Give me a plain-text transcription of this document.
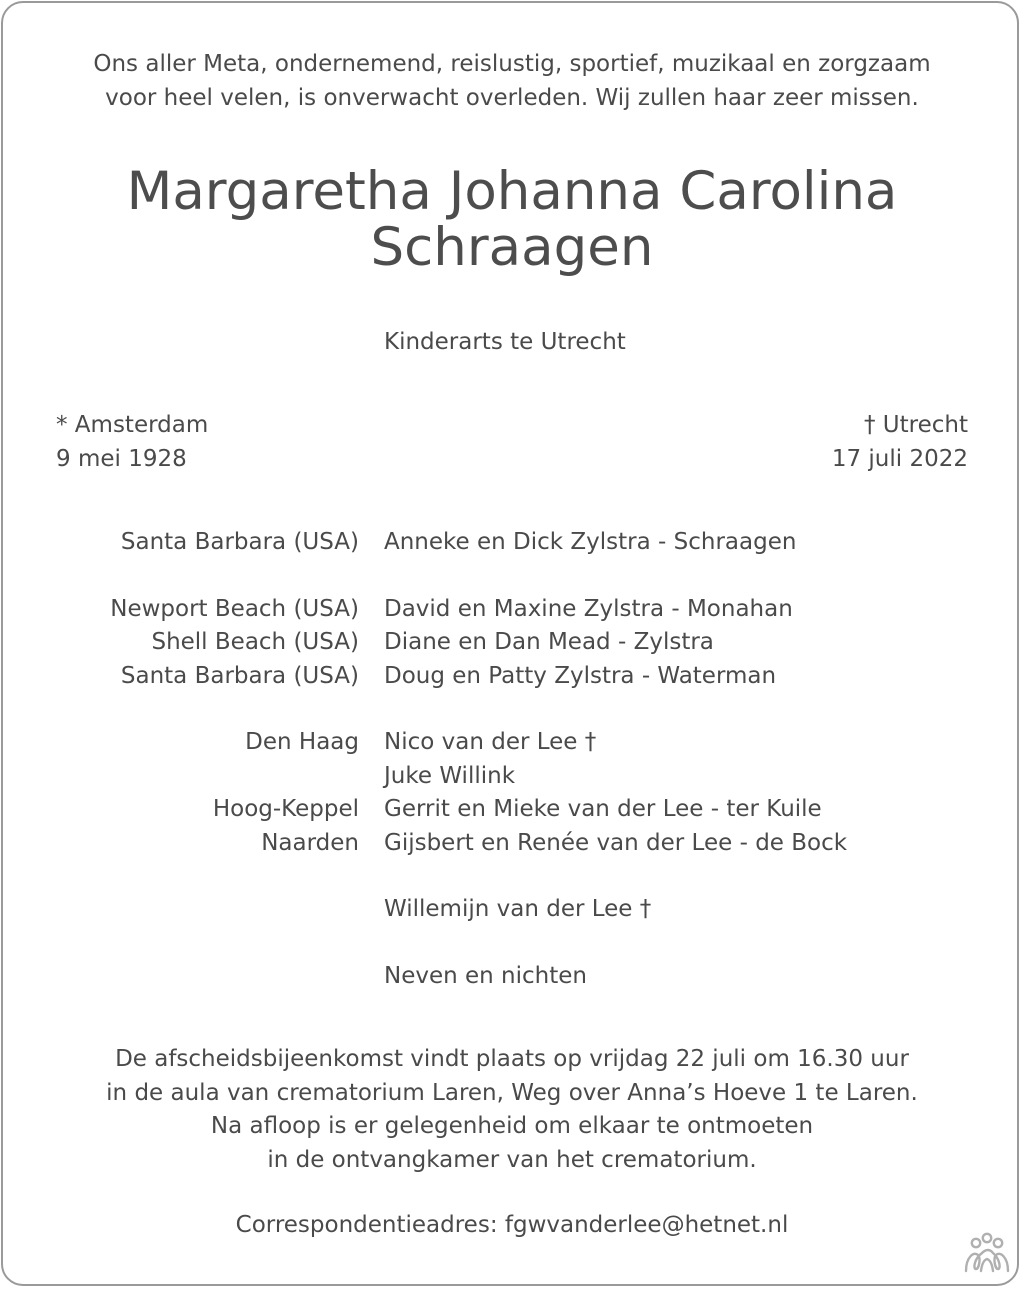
Ons aller Meta, ondernemend, reislustig, sportief, muzikaal en zorgzaam
voor heel velen, is onverwacht overleden. Wij zullen haar zeer missen.
Margaretha Johanna Carolina
Schraagen
Kinderarts te Utrecht
* Amsterdam
9 mei 1928
† Utrecht
17 juli 2022
Santa Barbara (USA) Anneke en Dick Zylstra - Schraagen
Newport Beach (USA) David en Maxine Zylstra - Monahan
Shell Beach (USA) Diane en Dan Mead - Zylstra
Santa Barbara (USA) Doug en Patty Zylstra - Waterman
Den Haag Nico van der Lee †
Juke Willink
Hoog-Keppel Gerrit en Mieke van der Lee - ter Kuile
Naarden Gijsbert en Renée van der Lee - de Bock
Willemijn van der Lee †
Neven en nichten
De afscheidsbijeenkomst vindt plaats op vrijdag 22 juli om 16.30 uur
in de aula van crematorium Laren, Weg over Anna’s Hoeve 1 te Laren.
Na afloop is er gelegenheid om elkaar te ontmoeten
in de ontvangkamer van het crematorium.
Correspondentieadres: fgwvanderlee@hetnet.nl
